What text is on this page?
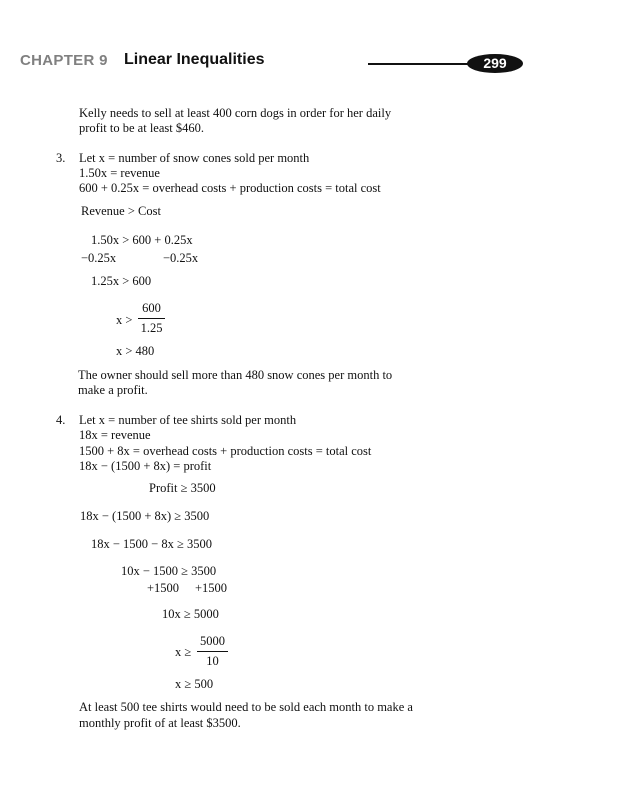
CHAPTER 9 Linear Inequalities	299
Kelly needs to sell at least 400 corn dogs in order for her daily
profit to be at least $460.
3. Let x = number of snow cones sold per month
1.50x = revenue
600 + 0.25x = overhead costs + production costs = total cost
Revenue > Cost
1.50x > 600 + 0.25x
−0.25x	−0.25x
1.25x > 600
x >
600
1.25
x > 480
The owner should sell more than 480 snow cones per month to
make a profit.
4. Let x = number of tee shirts sold per month
18x = revenue
1500 + 8x = overhead costs + production costs = total cost
18x − (1500 + 8x) = profit
Profit ≥ 3500
18x − (1500 + 8x) ≥ 3500
18x − 1500 − 8x ≥ 3500
10x − 1500 ≥ 3500
+1500 +1500
10x ≥ 5000
x ≥
5000
10
x ≥ 500
At least 500 tee shirts would need to be sold each month to make a
monthly profit of at least $3500.
